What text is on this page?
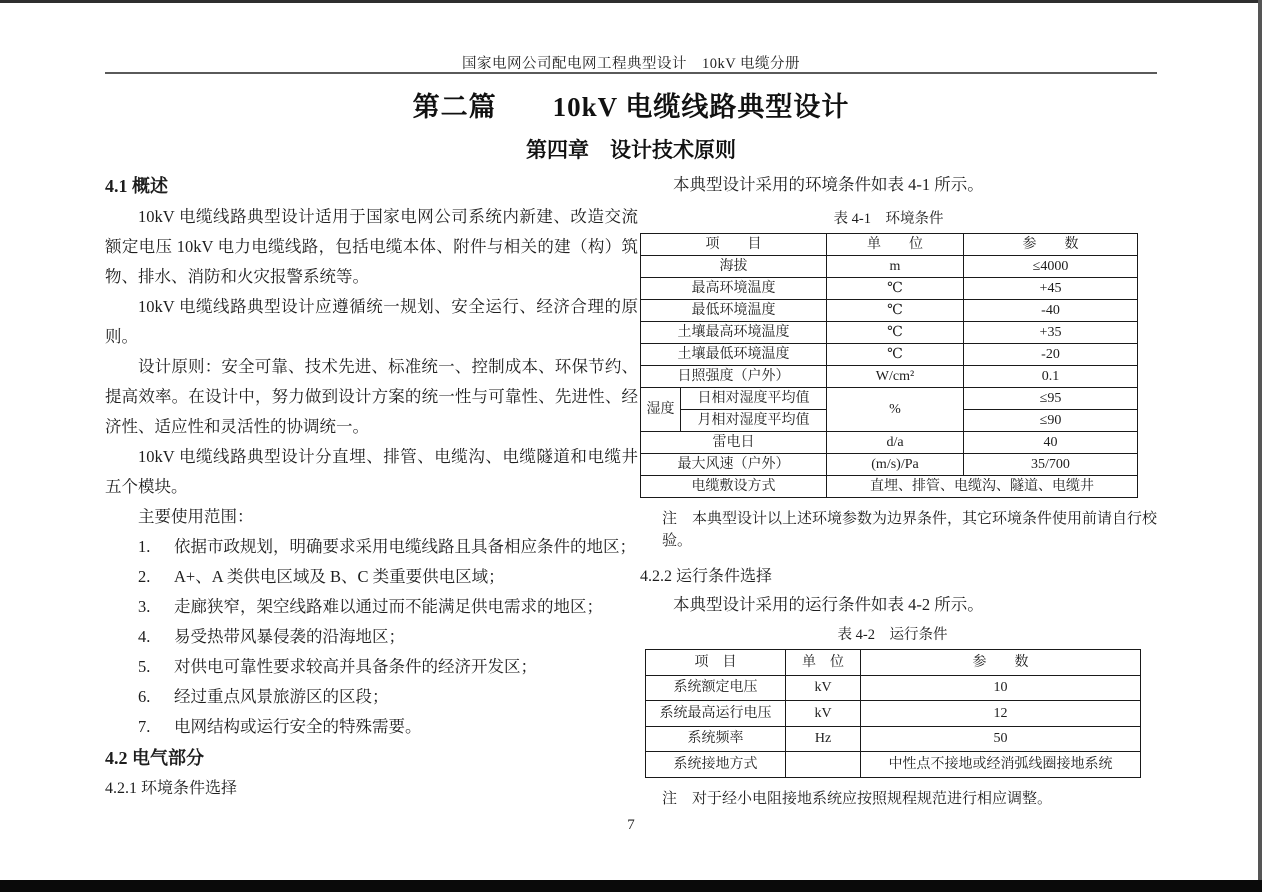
国家电网公司配电网工程典型设计　10kV 电缆分册
第二篇　　10kV 电缆线路典型设计
第四章　设计技术原则
4.1 概述

10kV 电缆线路典型设计适用于国家电网公司系统内新建、改造交流额定电压 10kV 电力电缆线路，包括电缆本体、附件与相关的建（构）筑物、排水、消防和火灾报警系统等。

10kV 电缆线路典型设计应遵循统一规划、安全运行、经济合理的原则。

设计原则：安全可靠、技术先进、标准统一、控制成本、环保节约、提高效率。在设计中，努力做到设计方案的统一性与可靠性、先进性、经济性、适应性和灵活性的协调统一。

10kV 电缆线路典型设计分直埋、排管、电缆沟、电缆隧道和电缆井五个模块。

主要使用范围：

1.	依据市政规划，明确要求采用电缆线路且具备相应条件的地区；
2.	A+、A 类供电区域及 B、C 类重要供电区域；
3.	走廊狭窄，架空线路难以通过而不能满足供电需求的地区；
4.	易受热带风暴侵袭的沿海地区；
5.	对供电可靠性要求较高并具备条件的经济开发区；
6.	经过重点风景旅游区的区段；
7.	电网结构或运行安全的特殊需要。
4.2 电气部分
4.2.1 环境条件选择

本典型设计采用的环境条件如表 4-1 所示。

表 4-1　环境条件
项　　目		单　　位	参　　数
海拔		m	≤4000
最高环境温度		℃	+45
最低环境温度		℃	-40
土壤最高环境温度		℃	+35
土壤最低环境温度		℃	-20
日照强度（户外）		W/cm²	0.1
湿度	日相对湿度平均值	%	≤95
	月相对湿度平均值		≤90
雷电日		d/a	40
最大风速（户外）		(m/s)/Pa	35/700
电缆敷设方式		直埋、排管、电缆沟、隧道、电缆井	
注　本典型设计以上述环境参数为边界条件，其它环境条件使用前请自行校验。
4.2.2 运行条件选择

本典型设计采用的运行条件如表 4-2 所示。

表 4-2　运行条件
项　目	单　位	参　　数
系统额定电压	kV	10
系统最高运行电压	kV	12
系统频率	Hz	50
系统接地方式		中性点不接地或经消弧线圈接地系统
注　对于经小电阻接地系统应按照规程规范进行相应调整。
7
